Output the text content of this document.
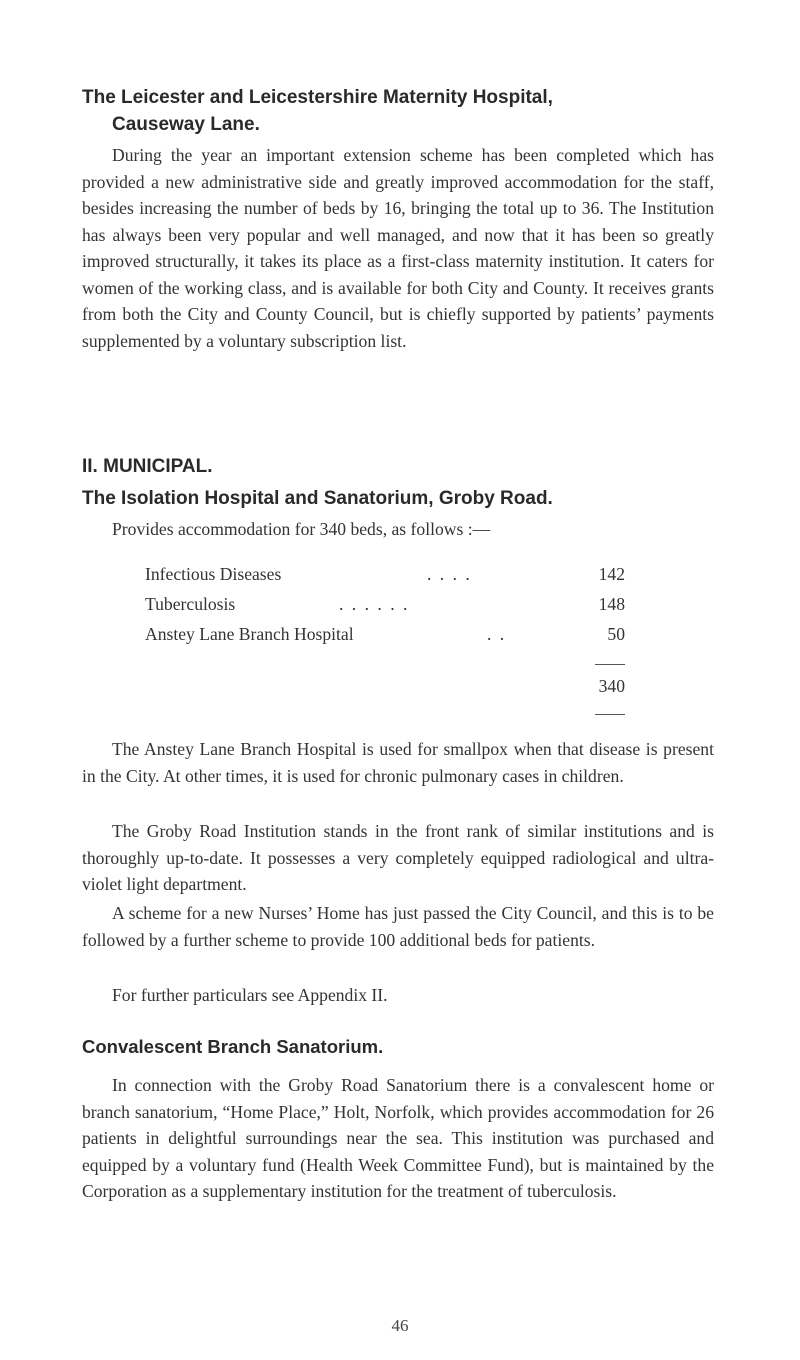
The Leicester and Leicestershire Maternity Hospital,
Causeway Lane.

During the year an important extension scheme has been completed which has provided a new administrative side and greatly improved accommodation for the staff, besides increasing the number of beds by 16, bringing the total up to 36. The Institution has always been very popular and well managed, and now that it has been so greatly improved structurally, it takes its place as a first-class maternity institution. It caters for women of the working class, and is available for both City and County. It receives grants from both the City and County Council, but is chiefly supported by patients’ payments supplemented by a voluntary subscription list.

II. MUNICIPAL.
The Isolation Hospital and Sanatorium, Groby Road.

Provides accommodation for 340 beds, as follows :—

Infectious Diseases	. . . .	142
Tuberculosis	. . . . . .	148
Anstey Lane Branch Hospital	. .	50
340

The Anstey Lane Branch Hospital is used for smallpox when that disease is present in the City. At other times, it is used for chronic pulmonary cases in children.

The Groby Road Institution stands in the front rank of similar institutions and is thoroughly up-to-date. It possesses a very completely equipped radiological and ultra-violet light department.

A scheme for a new Nurses’ Home has just passed the City Council, and this is to be followed by a further scheme to provide 100 additional beds for patients.

For further particulars see Appendix II.

Convalescent Branch Sanatorium.

In connection with the Groby Road Sanatorium there is a convalescent home or branch sanatorium, “Home Place,” Holt, Norfolk, which provides accommodation for 26 patients in delightful surroundings near the sea. This institution was purchased and equipped by a voluntary fund (Health Week Committee Fund), but is maintained by the Corporation as a supplementary institution for the treatment of tuberculosis.

46
